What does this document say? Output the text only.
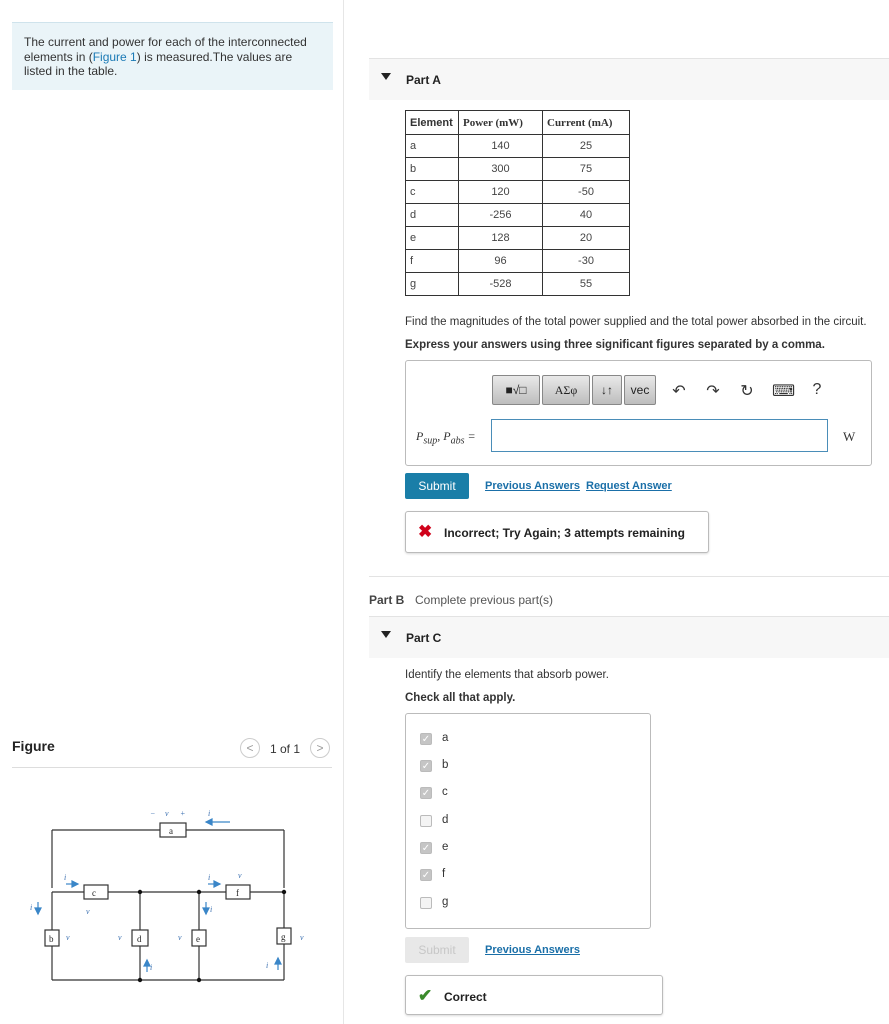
The current and power for each of the interconnected elements in (Figure 1) is measured.The values are listed in the table.
Figure	<	1 of 1	>
a
c	f
b	d	e	g
− v +	i
i
v
i	v
i
i
v	v	v	v
i	i
Part A
Element	Power (mW)	Current (mA)
a	140	25
b	300	75
c	120	-50
d	-256	40
e	128	20
f	96	-30
g	-528	55
Find the magnitudes of the total power supplied and the total power absorbed in the circuit.
Express your answers using three significant figures separated by a comma.
■√□	AΣφ	↓↑	vec	↶ ↷ ↻ ⌨	?
$P_{sup}$, $P_{abs}$ =	W
Submit	Previous Answers Request Answer
✖ Incorrect; Try Again; 3 attempts remaining
Part B Complete previous part(s)
Part C
Identify the elements that absorb power.
Check all that apply.
✓ a
✓ b
✓ c
d
✓ e
✓ f
g
Submit	Previous Answers
✔ Correct
